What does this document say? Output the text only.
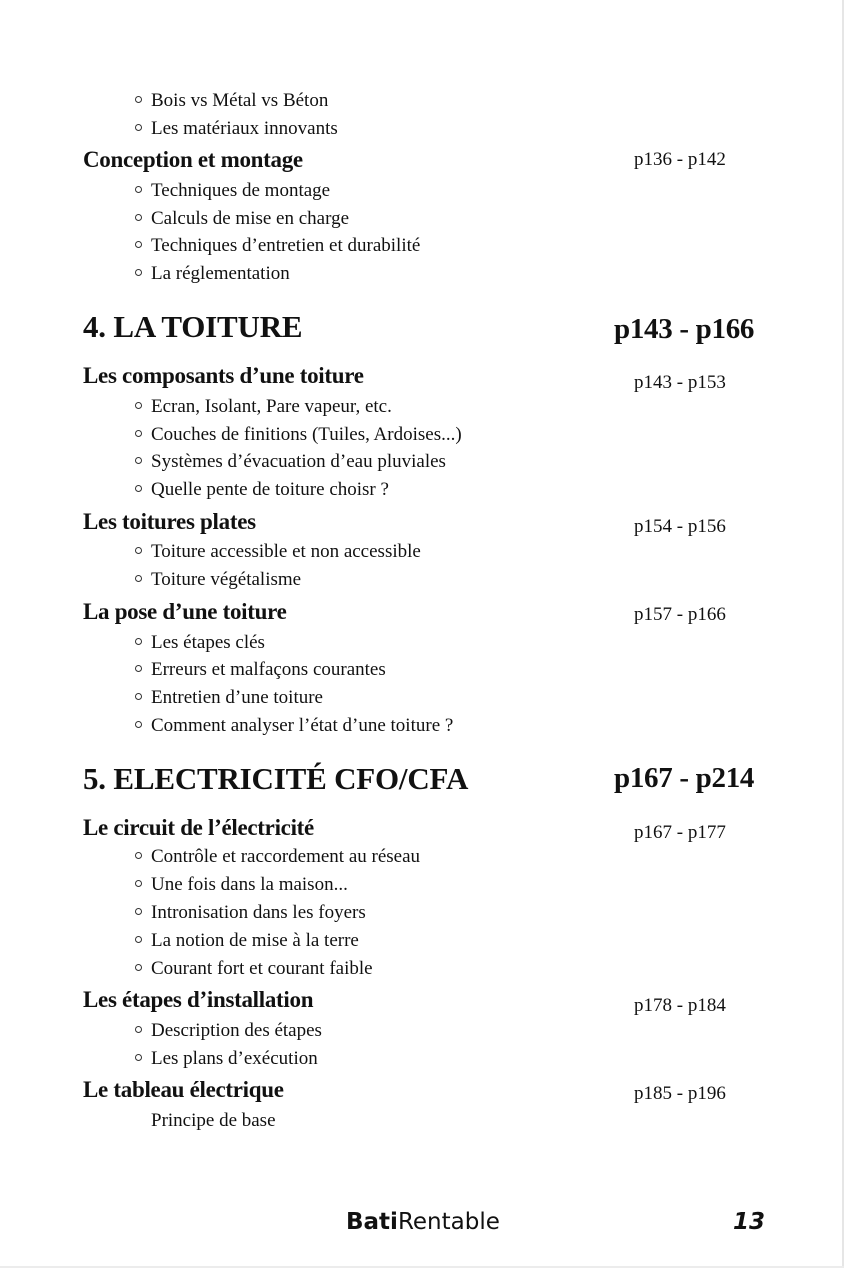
Bois vs Métal vs Béton
Les matériaux innovants
Conception et montage	p136 - p142
Techniques de montage
Calculs de mise en charge
Techniques d’entretien et durabilité
La réglementation
4. LA TOITURE	p143 - p166
Les composants d’une toiture	p143 - p153
Ecran, Isolant, Pare vapeur, etc.
Couches de finitions (Tuiles, Ardoises...)
Systèmes d’évacuation d’eau pluviales
Quelle pente de toiture choisr ?
Les toitures plates	p154 - p156
Toiture accessible et non accessible
Toiture végétalisme
La pose d’une toiture	p157 - p166
Les étapes clés
Erreurs et malfaçons courantes
Entretien d’une toiture
Comment analyser l’état d’une toiture ?
5. ELECTRICITÉ CFO/CFA	p167 - p214
Le circuit de l’électricité	p167 - p177
Contrôle et raccordement au réseau
Une fois dans la maison...
Intronisation dans les foyers
La notion de mise à la terre
Courant fort et courant faible
Les étapes d’installation	p178 - p184
Description des étapes
Les plans d’exécution
Le tableau électrique	p185 - p196
Principe de base
BatiRentable	13
